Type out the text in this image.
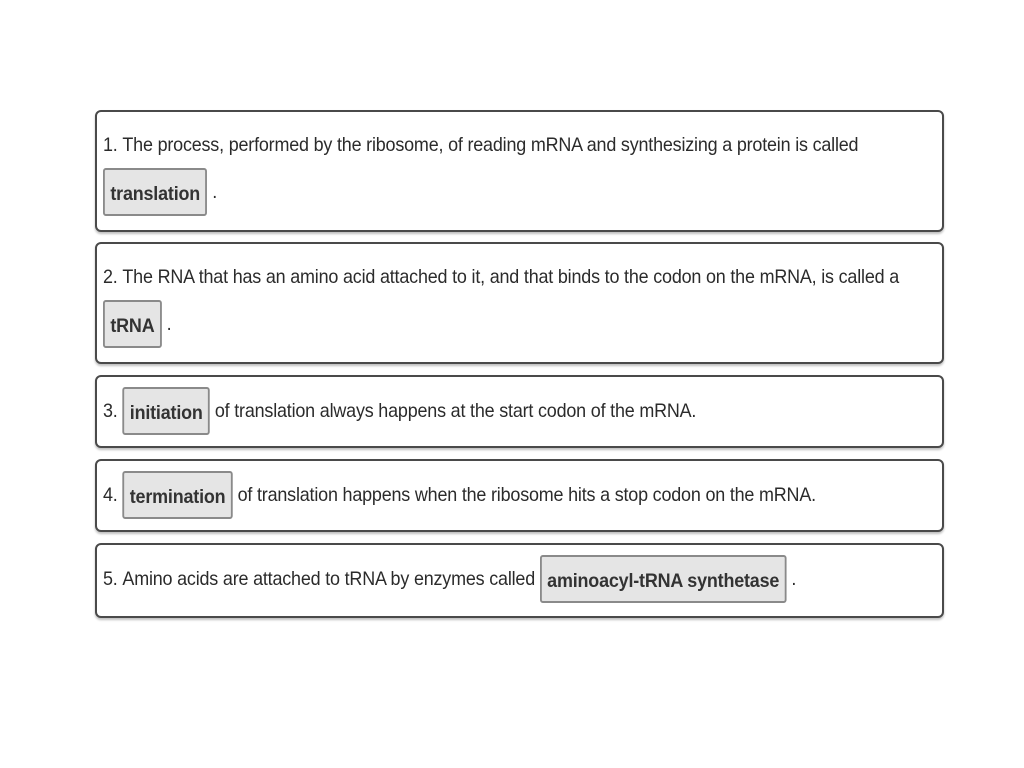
1. The process, performed by the ribosome, of reading mRNA and synthesizing a protein is called
translation .
2. The RNA that has an amino acid attached to it, and that binds to the codon on the mRNA, is called a
tRNA .
3. initiation of translation always happens at the start codon of the mRNA.
4. termination of translation happens when the ribosome hits a stop codon on the mRNA.
5. Amino acids are attached to tRNA by enzymes called aminoacyl-tRNA synthetase .
